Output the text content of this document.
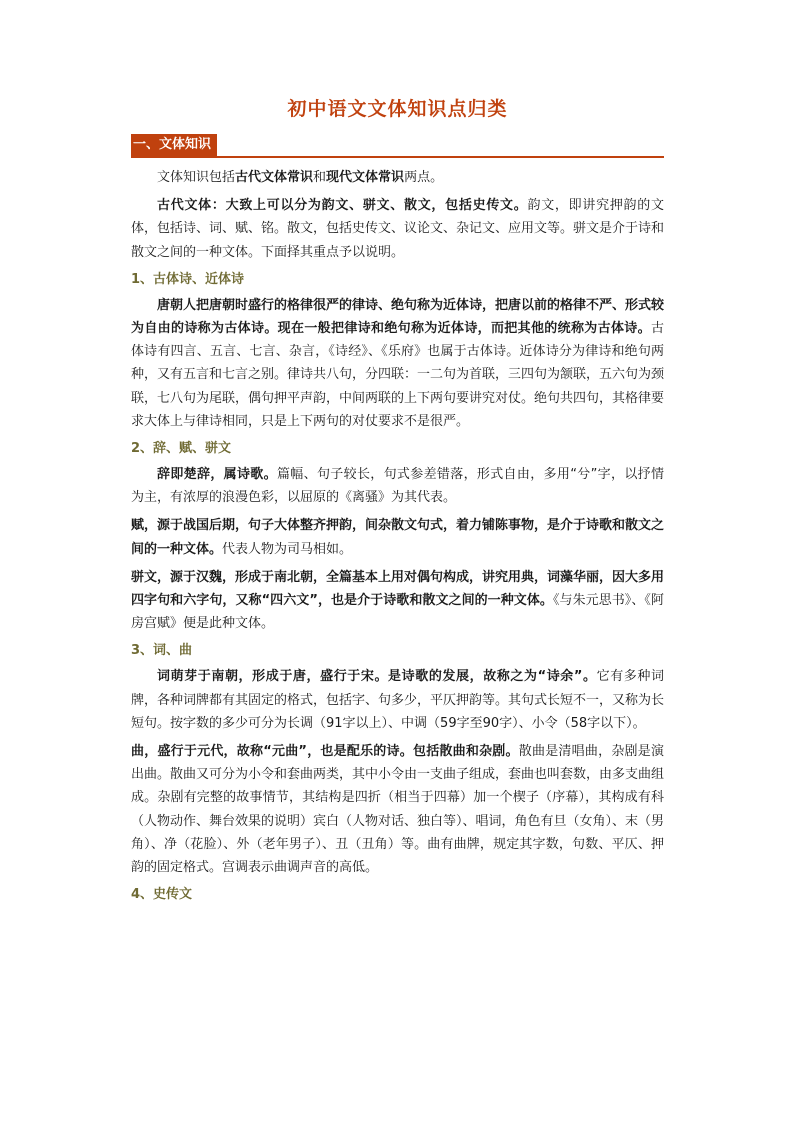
初中语文文体知识点归类
一、文体知识

文体知识包括古代文体常识和现代文体常识两点。

古代文体：大致上可以分为韵文、骈文、散文，包括史传文。韵文，即讲究押韵的文体，包括诗、词、赋、铭。散文，包括史传文、议论文、杂记文、应用文等。骈文是介于诗和散文之间的一种文体。下面择其重点予以说明。

1、古体诗、近体诗

唐朝人把唐朝时盛行的格律很严的律诗、绝句称为近体诗，把唐以前的格律不严、形式较为自由的诗称为古体诗。现在一般把律诗和绝句称为近体诗，而把其他的统称为古体诗。古体诗有四言、五言、七言、杂言，《诗经》、《乐府》也属于古体诗。近体诗分为律诗和绝句两种，又有五言和七言之别。律诗共八句，分四联：一二句为首联，三四句为颔联，五六句为颈联，七八句为尾联，偶句押平声韵，中间两联的上下两句要讲究对仗。绝句共四句，其格律要求大体上与律诗相同，只是上下两句的对仗要求不是很严。

2、辞、赋、骈文

辞即楚辞，属诗歌。篇幅、句子较长，句式参差错落，形式自由，多用“兮”字，以抒情为主，有浓厚的浪漫色彩，以屈原的《离骚》为其代表。

赋，源于战国后期，句子大体整齐押韵，间杂散文句式，着力铺陈事物，是介于诗歌和散文之间的一种文体。代表人物为司马相如。

骈文，源于汉魏，形成于南北朝，全篇基本上用对偶句构成，讲究用典，词藻华丽，因大多用四字句和六字句，又称“四六文”，也是介于诗歌和散文之间的一种文体。《与朱元思书》、《阿房宫赋》便是此种文体。

3、词、曲

词萌芽于南朝，形成于唐，盛行于宋。是诗歌的发展，故称之为“诗余”。它有多种词牌，各种词牌都有其固定的格式，包括字、句多少，平仄押韵等。其句式长短不一，又称为长短句。按字数的多少可分为长调（91字以上）、中调（59字至90字）、小令（58字以下）。

曲，盛行于元代，故称“元曲”，也是配乐的诗。包括散曲和杂剧。散曲是清唱曲，杂剧是演出曲。散曲又可分为小令和套曲两类，其中小令由一支曲子组成，套曲也叫套数，由多支曲组成。杂剧有完整的故事情节，其结构是四折（相当于四幕）加一个楔子（序幕），其构成有科（人物动作、舞台效果的说明）宾白（人物对话、独白等）、唱词，角色有旦（女角）、末（男角）、净（花脸）、外（老年男子）、丑（丑角）等。曲有曲牌，规定其字数，句数、平仄、押韵的固定格式。宫调表示曲调声音的高低。

4、史传文
